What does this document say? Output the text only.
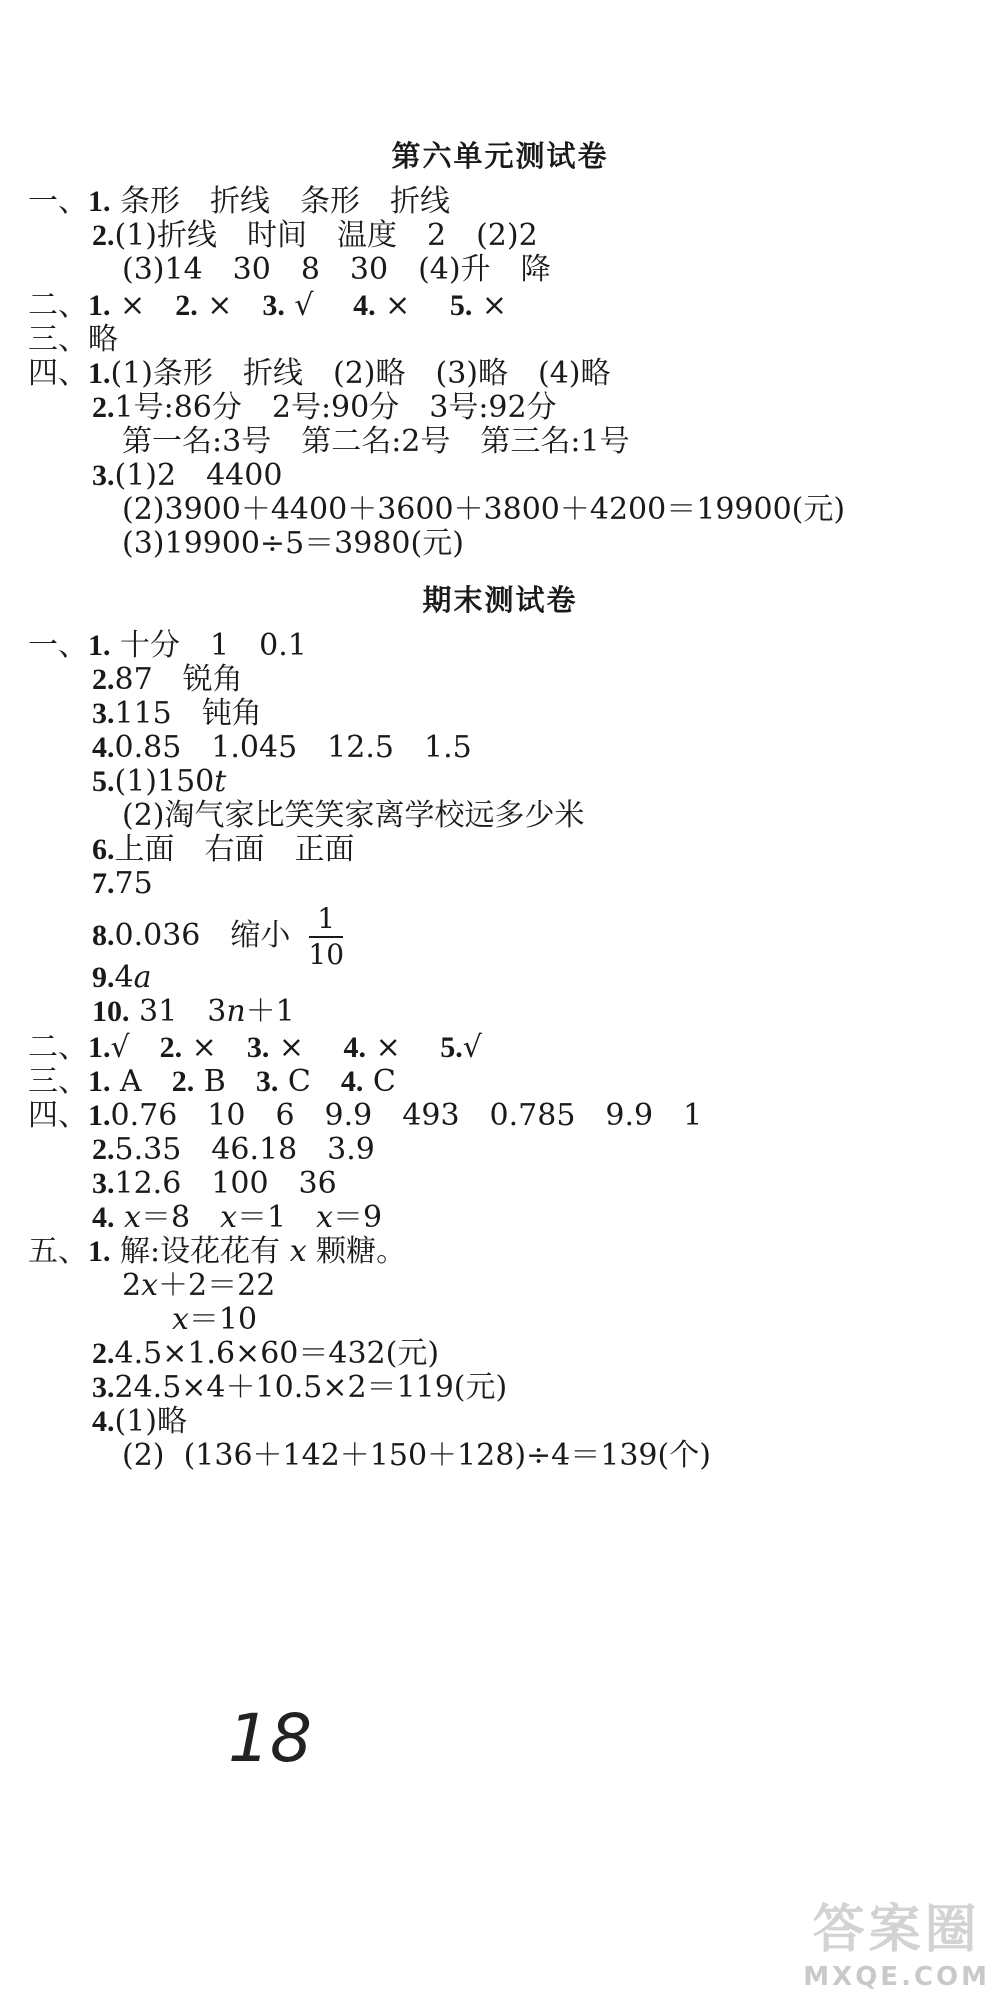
第六单元测试卷
一、1. 条形　折线　条形　折线
2.(1)折线　时间　温度　2　(2)2
(3)14　30　8　30　(4)升　降
二、1. ×　 2. ×　 3. √　 4. ×　 5. ×
三、略
四、1.(1)条形　折线　(2)略　(3)略　(4)略
2.1号:86分　2号:90分　3号:92分
第一名:3号　第二名:2号　第三名:1号
3.(1)2　4400
(2)3900＋4400＋3600＋3800＋4200＝19900(元)
(3)19900÷5＝3980(元)
期末测试卷
一、1. 十分　1　0.1
2.87　锐角
3.115　钝角
4.0.85　1.045　12.5　1.5
5.(1)150t
(2)淘气家比笑笑家离学校远多少米
6.上面　右面　正面
7.75
8.0.036　缩小 $\frac{1}{10}$
9.4a
10. 31　3n＋1
二、1.√　 2. ×　 3. ×　 4. ×　 5.√
三、1. A　 2. B　 3. C　 4. C
四、1.0.76　10　6　9.9　493　0.785　9.9　1
2.5.35　46.18　3.9
3.12.6　100　36
4. x＝8　 x＝1　 x＝9
五、1. 解:设花花有 x 颗糖。
2x＋2＝22
x＝10
2.4.5×1.6×60＝432(元)
3.24.5×4＋10.5×2＝119(元)
4.(1)略
(2)  (136＋142＋150＋128)÷4＝139(个)
18
答案圈
MXQE.COM
